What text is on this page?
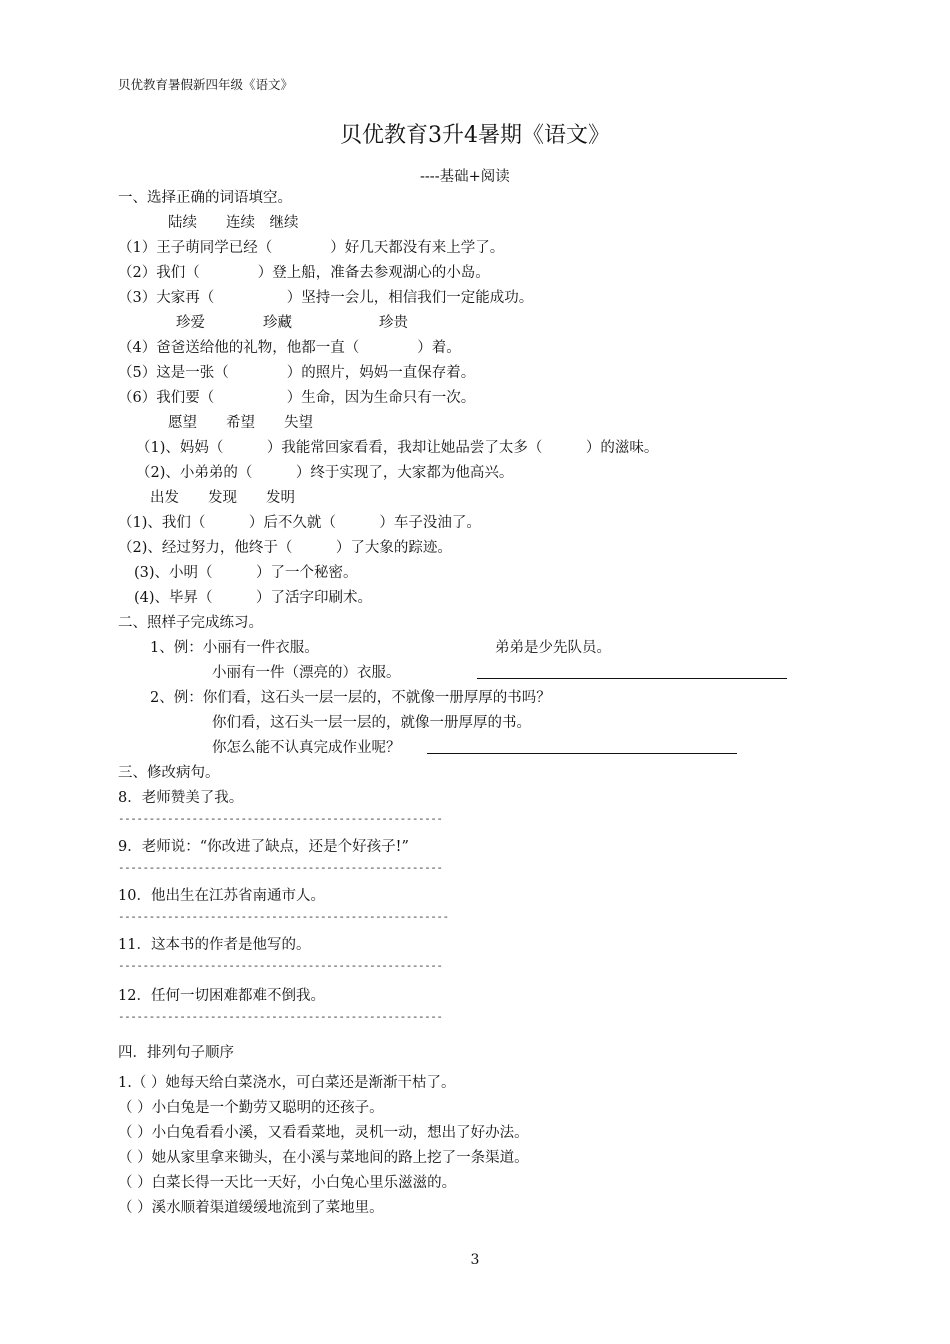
贝优教育暑假新四年级《语文》
贝优教育3升4暑期《语文》
----基础+阅读
一、选择正确的词语填空。
陆续　　连续　继续
（1）王子萌同学已经（　　　　）好几天都没有来上学了。
（2）我们（　　　　）登上船，准备去参观湖心的小岛。
（3）大家再（　　　　　）坚持一会儿，相信我们一定能成功。
珍爱　　　　珍藏　　　　　　珍贵
（4）爸爸送给他的礼物，他都一直（　　　　）着。
（5）这是一张（　　　　）的照片，妈妈一直保存着。
（6）我们要（　　　　　）生命，因为生命只有一次。
愿望　　希望　　失望
（1)、妈妈（　　　）我能常回家看看，我却让她品尝了太多（　　　）的滋味。
（2)、小弟弟的（　　　）终于实现了，大家都为他高兴。
出发　　发现　　发明
（1)、我们（　　　）后不久就（　　　）车子没油了。
（2)、经过努力，他终于（　　　）了大象的踪迹。
(3)、小明（　　　）了一个秘密。
(4)、毕昇（　　　）了活字印刷术。
二、照样子完成练习。
1、例：小丽有一件衣服。	弟弟是少先队员。
小丽有一件（漂亮的）衣服。
2、例：你们看，这石头一层一层的，不就像一册厚厚的书吗？
你们看，这石头一层一层的，就像一册厚厚的书。
你怎么能不认真完成作业呢？
三、修改病句。
8．老师赞美了我。
-----------------------------------------------------
9．老师说：“你改进了缺点，还是个好孩子!”
-----------------------------------------------------
10．他出生在江苏省南通市人。
------------------------------------------------------
11．这本书的作者是他写的。
-----------------------------------------------------
12．任何一切困难都难不倒我。
-----------------------------------------------------
四．排列句子顺序
1.（ ）她每天给白菜浇水，可白菜还是渐渐干枯了。
（ ）小白兔是一个勤劳又聪明的还孩子。
（ ）小白兔看看小溪，又看看菜地，灵机一动，想出了好办法。
（ ）她从家里拿来锄头，在小溪与菜地间的路上挖了一条渠道。
（ ）白菜长得一天比一天好，小白兔心里乐滋滋的。
（ ）溪水顺着渠道缓缓地流到了菜地里。
3
